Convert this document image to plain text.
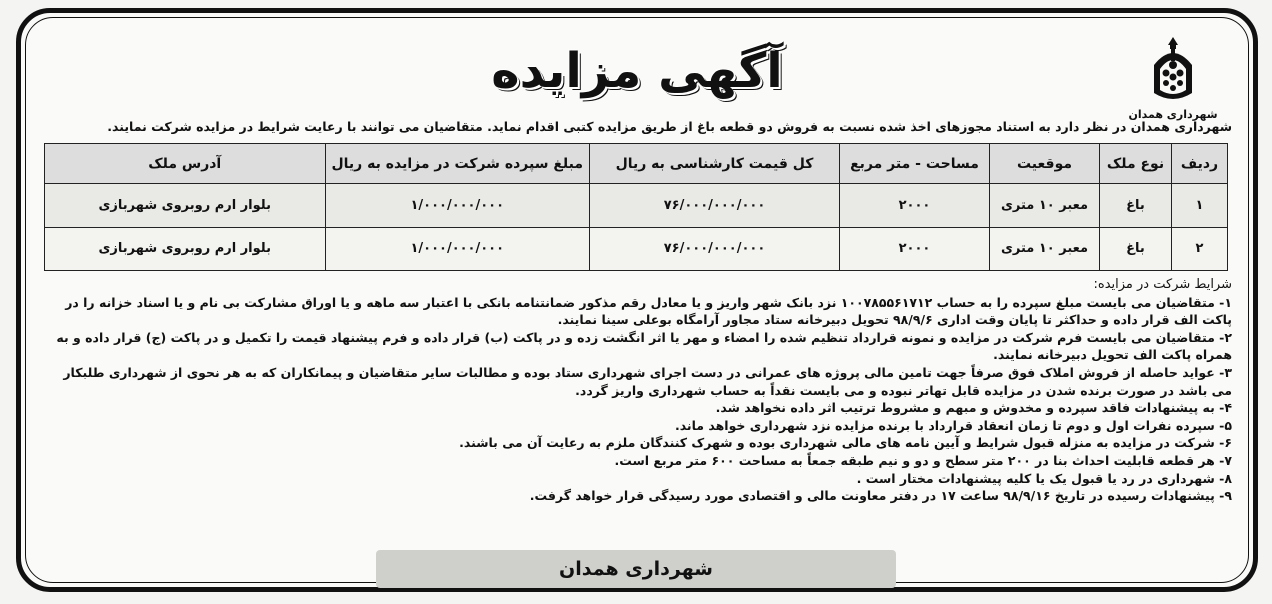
شهرداری همدان
آگهی مزایده
شهرداری همدان در نظر دارد به استناد مجوزهای اخذ شده نسبت به فروش دو قطعه باغ از طریق مزایده کتبی اقدام نماید. متقاضیان می توانند با رعایت شرایط در مزایده شرکت نمایند.
ردیف	نوع ملک	موقعیت	مساحت - متر مربع	کل قیمت کارشناسی به ریال	مبلغ سپرده شرکت در مزایده به ریال	آدرس ملک
۱	باغ	معبر ۱۰ متری	۲۰۰۰	۷۶/۰۰۰/۰۰۰/۰۰۰	۱/۰۰۰/۰۰۰/۰۰۰	بلوار ارم روبروی شهربازی
۲	باغ	معبر ۱۰ متری	۲۰۰۰	۷۶/۰۰۰/۰۰۰/۰۰۰	۱/۰۰۰/۰۰۰/۰۰۰	بلوار ارم روبروی شهربازی
شرایط شرکت در مزایده:
۱- متقاضیان می بایست مبلغ سپرده را به حساب ۱۰۰۷۸۵۵۶۱۷۱۲ نزد بانک شهر واریز و یا معادل رقم مذکور ضمانتنامه بانکی با اعتبار سه ماهه و یا اوراق مشارکت بی نام و یا اسناد خزانه را در پاکت الف قرار داده و حداکثر تا پایان وقت اداری ۹۸/۹/۶ تحویل دبیرخانه ستاد مجاور آرامگاه بوعلی سینا نمایند.
۲- متقاضیان می بایست فرم شرکت در مزایده و نمونه قرارداد تنظیم شده را امضاء و مهر یا اثر انگشت زده و در پاکت (ب) قرار داده و فرم پیشنهاد قیمت را تکمیل و در پاکت (ج) قرار داده و به همراه پاکت الف تحویل دبیرخانه نمایند.
۳- عواید حاصله از فروش املاک فوق صرفاً جهت تامین مالی پروژه های عمرانی در دست اجرای شهرداری ستاد بوده و مطالبات سایر متقاضیان و پیمانکاران که به هر نحوی از شهرداری طلبکار می باشد در صورت برنده شدن در مزایده قابل تهاتر نبوده و می بایست نقداً به حساب شهرداری واریز گردد.
۴- به پیشنهادات فاقد سپرده و مخدوش و مبهم و مشروط ترتیب اثر داده نخواهد شد.
۵- سپرده نفرات اول و دوم تا زمان انعقاد قرارداد با برنده مزایده نزد شهرداری خواهد ماند.
۶- شرکت در مزایده به منزله قبول شرایط و آیین نامه های مالی شهرداری بوده و شهرک کنندگان ملزم به رعایت آن می باشند.
۷- هر قطعه قابلیت احداث بنا در ۲۰۰ متر سطح و دو و نیم طبقه جمعاً به مساحت ۶۰۰ متر مربع است.
۸- شهرداری در رد یا قبول یک یا کلیه پیشنهادات مختار است .
۹- پیشنهادات رسیده در تاریخ ۹۸/۹/۱۶ ساعت ۱۷ در دفتر معاونت مالی و اقتصادی مورد رسیدگی قرار خواهد گرفت.
شهرداری همدان
